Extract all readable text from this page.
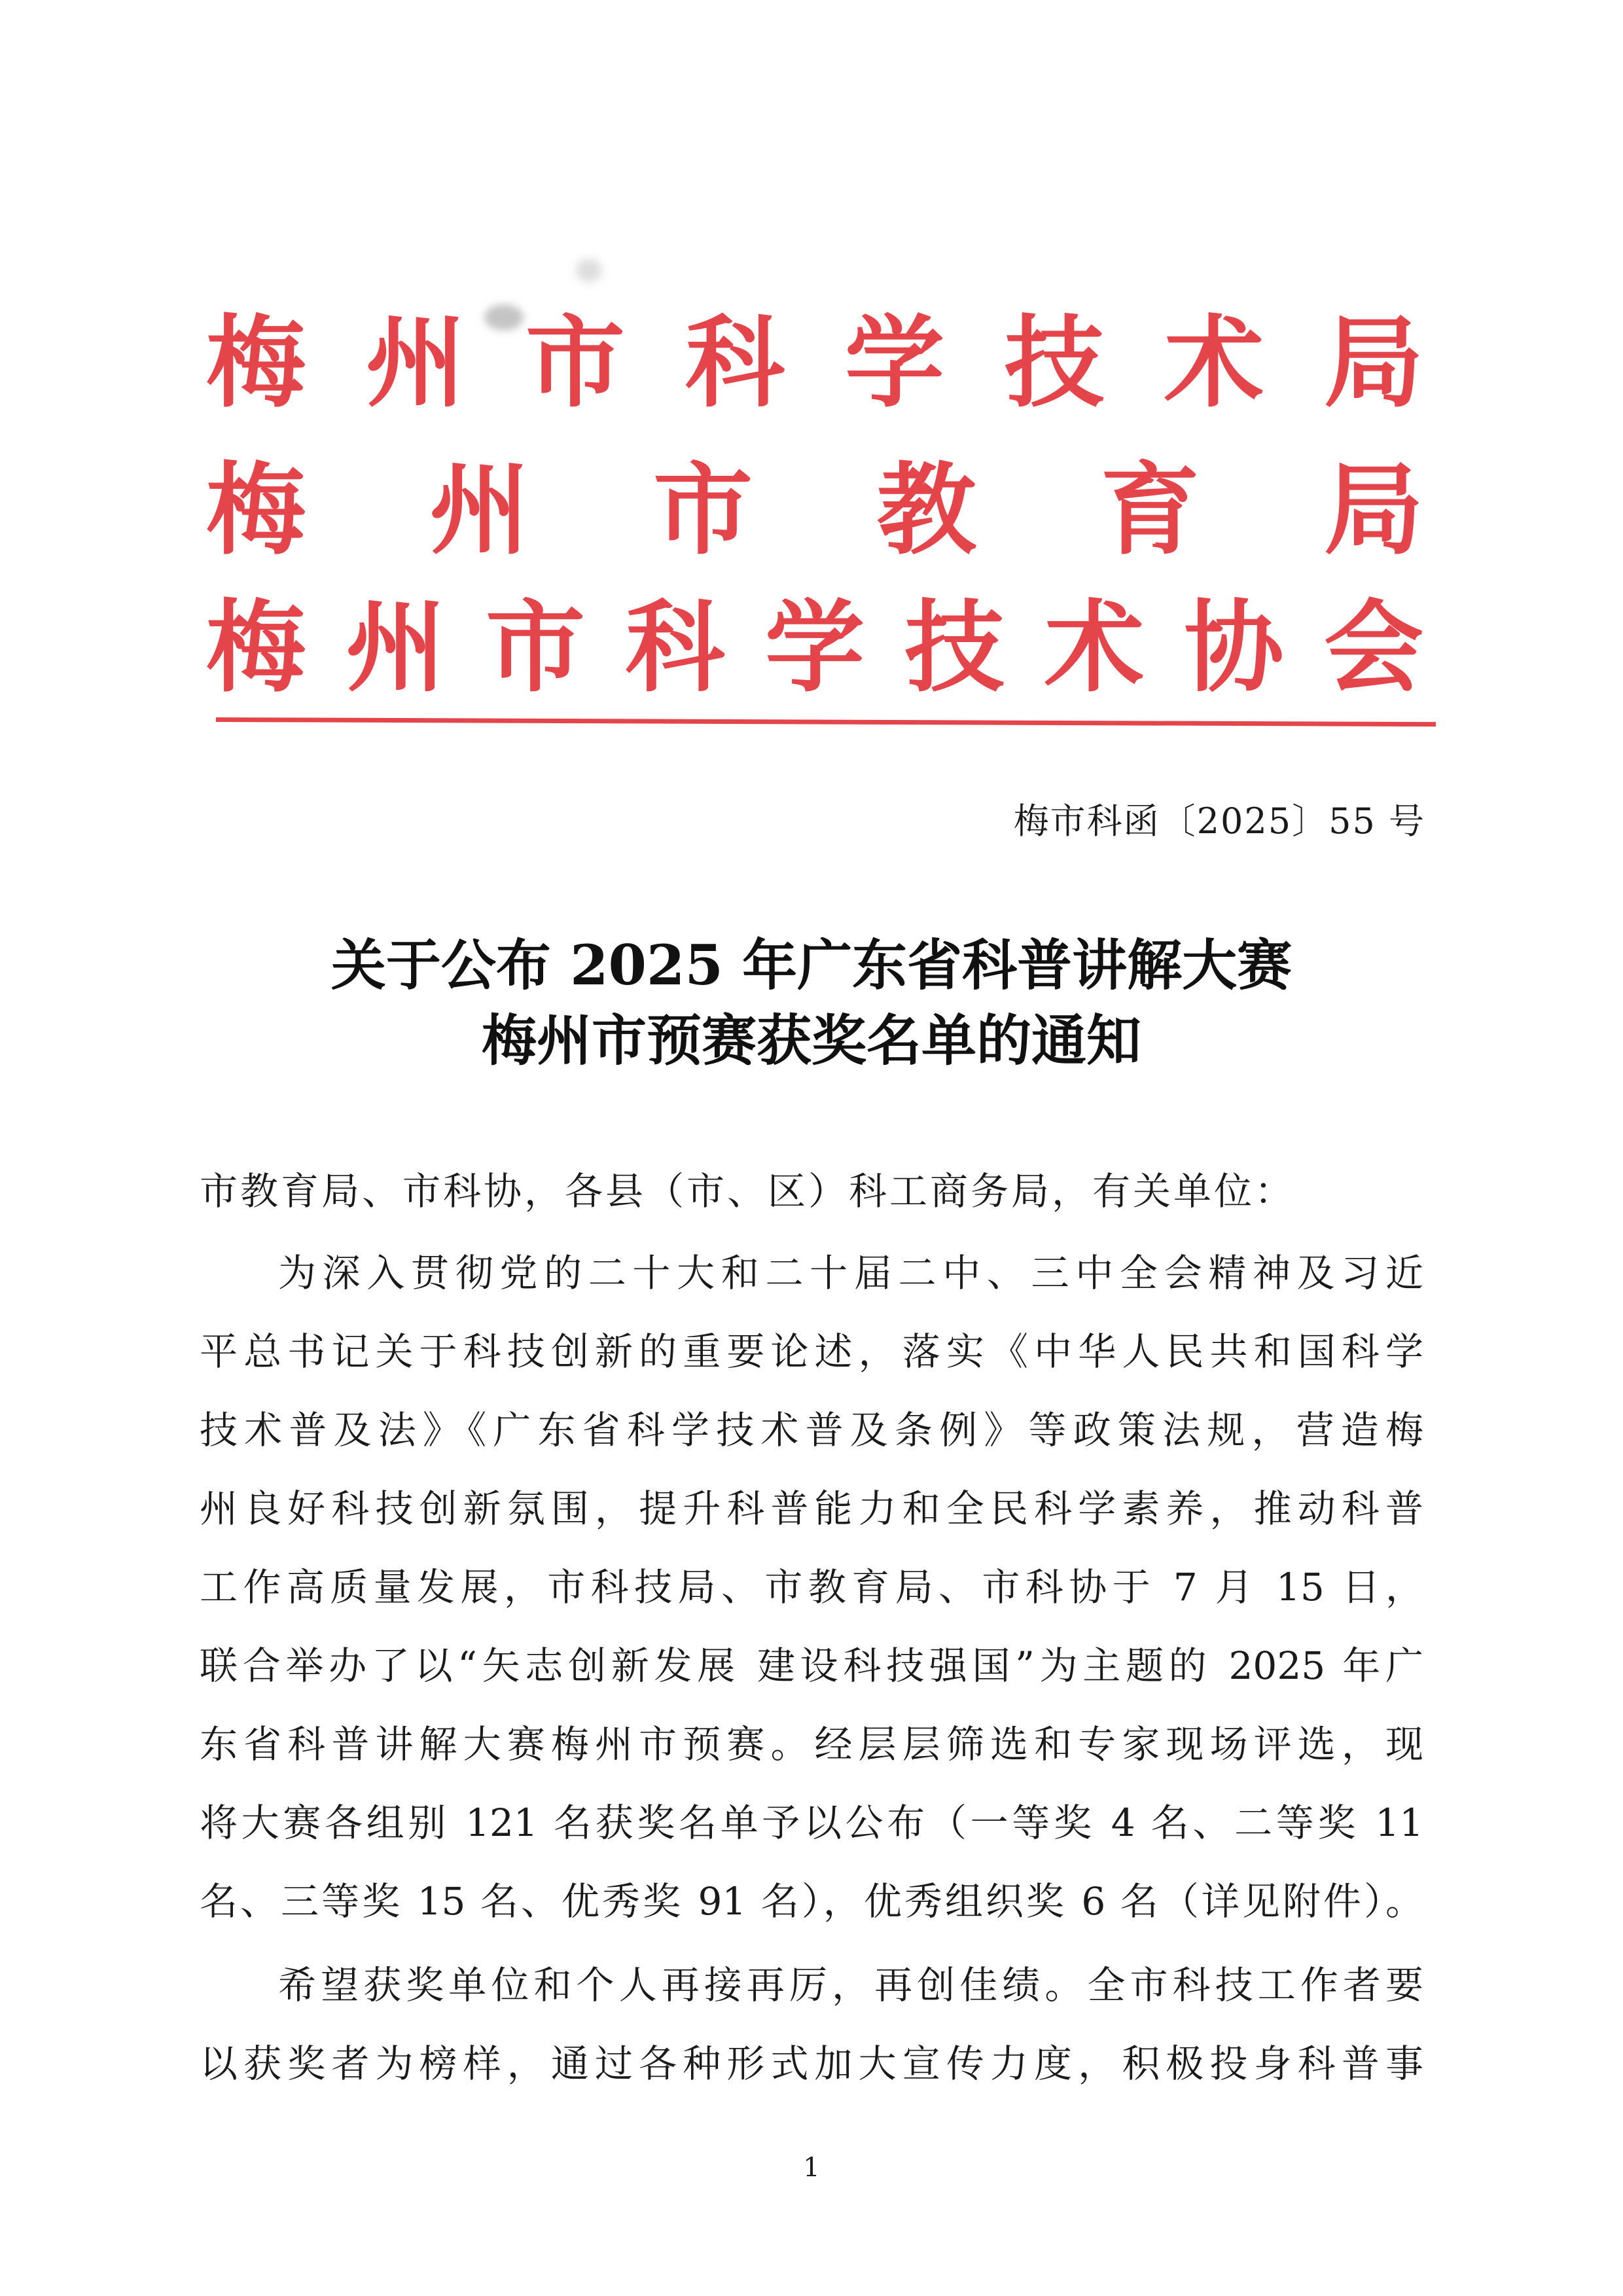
梅 州 市 科 学 技 术 局
梅 州 市 教 育 局
梅 州 市 科 学 技 术 协 会
梅市科函〔2025〕55 号
关于公布 2025 年广东省科普讲解大赛
梅州市预赛获奖名单的通知
市教育局、市科协，各县（市、区）科工商务局，有关单位：
为深入贯彻党的二十大和二十届二中、三中全会精神及习近
平总书记关于科技创新的重要论述，落实《中华人民共和国科学
技术普及法》《广东省科学技术普及条例》等政策法规，营造梅
州良好科技创新氛围，提升科普能力和全民科学素养，推动科普
工作高质量发展，市科技局、市教育局、市科协于 7 月 15 日，
联合举办了以“矢志创新发展 建设科技强国”为主题的 2025 年广
东省科普讲解大赛梅州市预赛。经层层筛选和专家现场评选，现
将大赛各组别 121 名获奖名单予以公布（一等奖 4 名、二等奖 11
名、三等奖 15 名、优秀奖 91 名），优秀组织奖 6 名（详见附件）。
希望获奖单位和个人再接再厉，再创佳绩。全市科技工作者要
以获奖者为榜样，通过各种形式加大宣传力度，积极投身科普事
1
